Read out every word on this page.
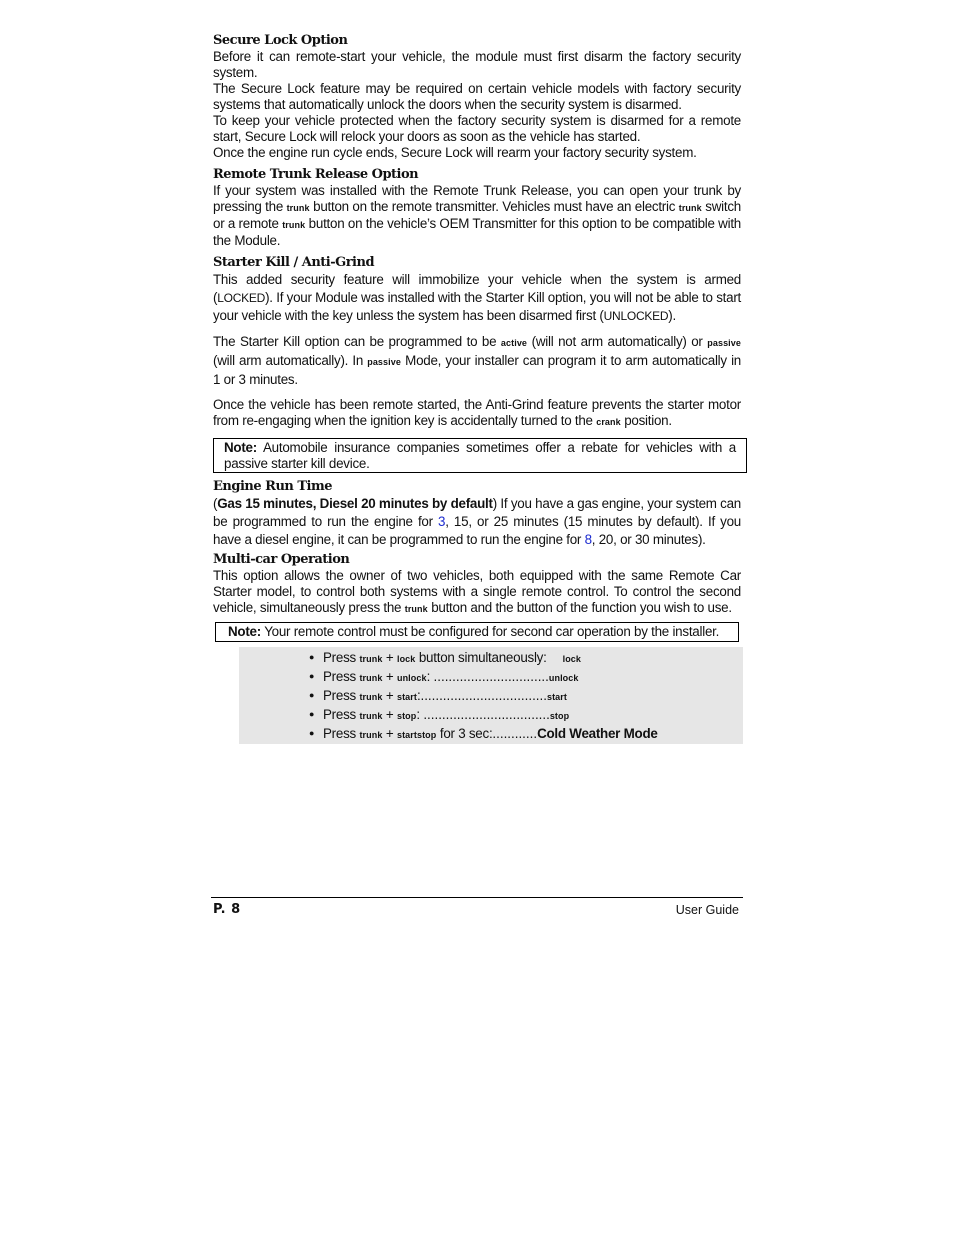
Secure Lock Option

Before it can remote-start your vehicle, the module must first disarm the factory security system.

The Secure Lock feature may be required on certain vehicle models with factory security systems that automatically unlock the doors when the security system is disarmed.

To keep your vehicle protected when the factory security system is disarmed for a remote start, Secure Lock will relock your doors as soon as the vehicle has started.

Once the engine run cycle ends, Secure Lock will rearm your factory security system.

Remote Trunk Release Option

If your system was installed with the Remote Trunk Release, you can open your trunk by pressing the trunk button on the remote transmitter. Vehicles must have an electric trunk switch or a remote trunk button on the vehicle’s OEM Transmitter for this option to be compatible with the Module.

Starter Kill / Anti-Grind

This added security feature will immobilize your vehicle when the system is armed (LOCKED). If your Module was installed with the Starter Kill option, you will not be able to start your vehicle with the key unless the system has been disarmed first (UNLOCKED).

The Starter Kill option can be programmed to be active (will not arm automatically) or passive (will arm automatically). In passive Mode, your installer can program it to arm automatically in 1 or 3 minutes.

Once the vehicle has been remote started, the Anti-Grind feature prevents the starter motor from re-engaging when the ignition key is accidentally turned to the crank position.

Note: Automobile insurance companies sometimes offer a rebate for vehicles with a passive starter kill device.
Engine Run Time

(Gas 15 minutes, Diesel 20 minutes by default) If you have a gas engine, your system can be programmed to run the engine for 3, 15, or 25 minutes (15 minutes by default). If you have a diesel engine, it can be programmed to run the engine for 8, 20, or 30 minutes).

Multi-car Operation

This option allows the owner of two vehicles, both equipped with the same Remote Car Starter model, to control both systems with a single remote control. To control the second vehicle, simultaneously press the trunk button and the button of the function you wish to use.

Note: Your remote control must be configured for second car operation by the installer.
● Press trunk + lock button simultaneously: lock
● Press trunk + unlock: ...............................unlock
● Press trunk + start:..................................start
● Press trunk + stop: ..................................stop
● Press trunk + startstop for 3 sec:............Cold Weather Mode
P. 8	User Guide
